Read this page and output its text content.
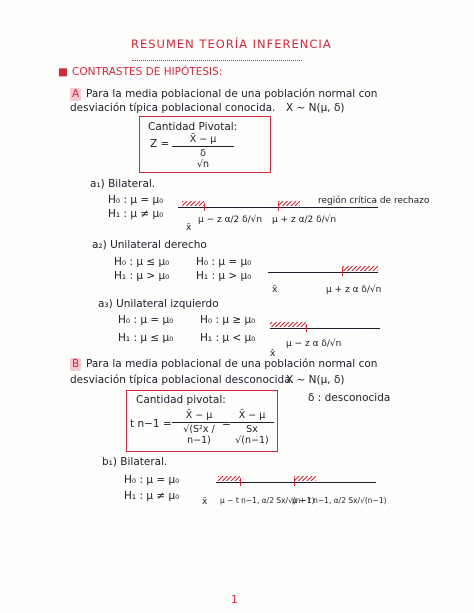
RESUMEN TEORÍA INFERENCIA
■ CONTRASTES DE HIPÓTESIS:
A Para la media poblacional de una población normal con
desviación típica poblacional conocida. X ~ N(μ, δ)
Cantidad Pivotal:
Z =	X̄ − μ
δ
√n
a₁) Bilateral.
H₀ : μ = μ₀
H₁ : μ ≠ μ₀
región crítica de rechazo
x̄
μ − z α/2 δ/√n μ + z α/2 δ/√n
a₂) Unilateral derecho
H₀ : μ ≤ μ₀	H₀ : μ = μ₀
H₁ : μ > μ₀	H₁ : μ > μ₀
x̄	μ + z α δ/√n
a₃) Unilateral izquierdo
H₀ : μ = μ₀	H₀ : μ ≥ μ₀
H₁ : μ ≤ μ₀	H₁ : μ < μ₀	μ − z α δ/√n
x̄
B Para la media poblacional de una población normal con
desviación típica poblacional desconocida.
X ~ N(μ, δ)
δ : desconocida
Cantidad pivotal:
t n−1 =
X̄ − μ
√(S²x / n−1)
=
X̄ − μ
Sx
√(n−1)
b₁) Bilateral.
H₀ : μ = μ₀
H₁ : μ ≠ μ₀	x̄ μ − t n−1, α/2 Sx/√(n−1)
μ + t n−1, α/2 Sx/√(n−1)
1
